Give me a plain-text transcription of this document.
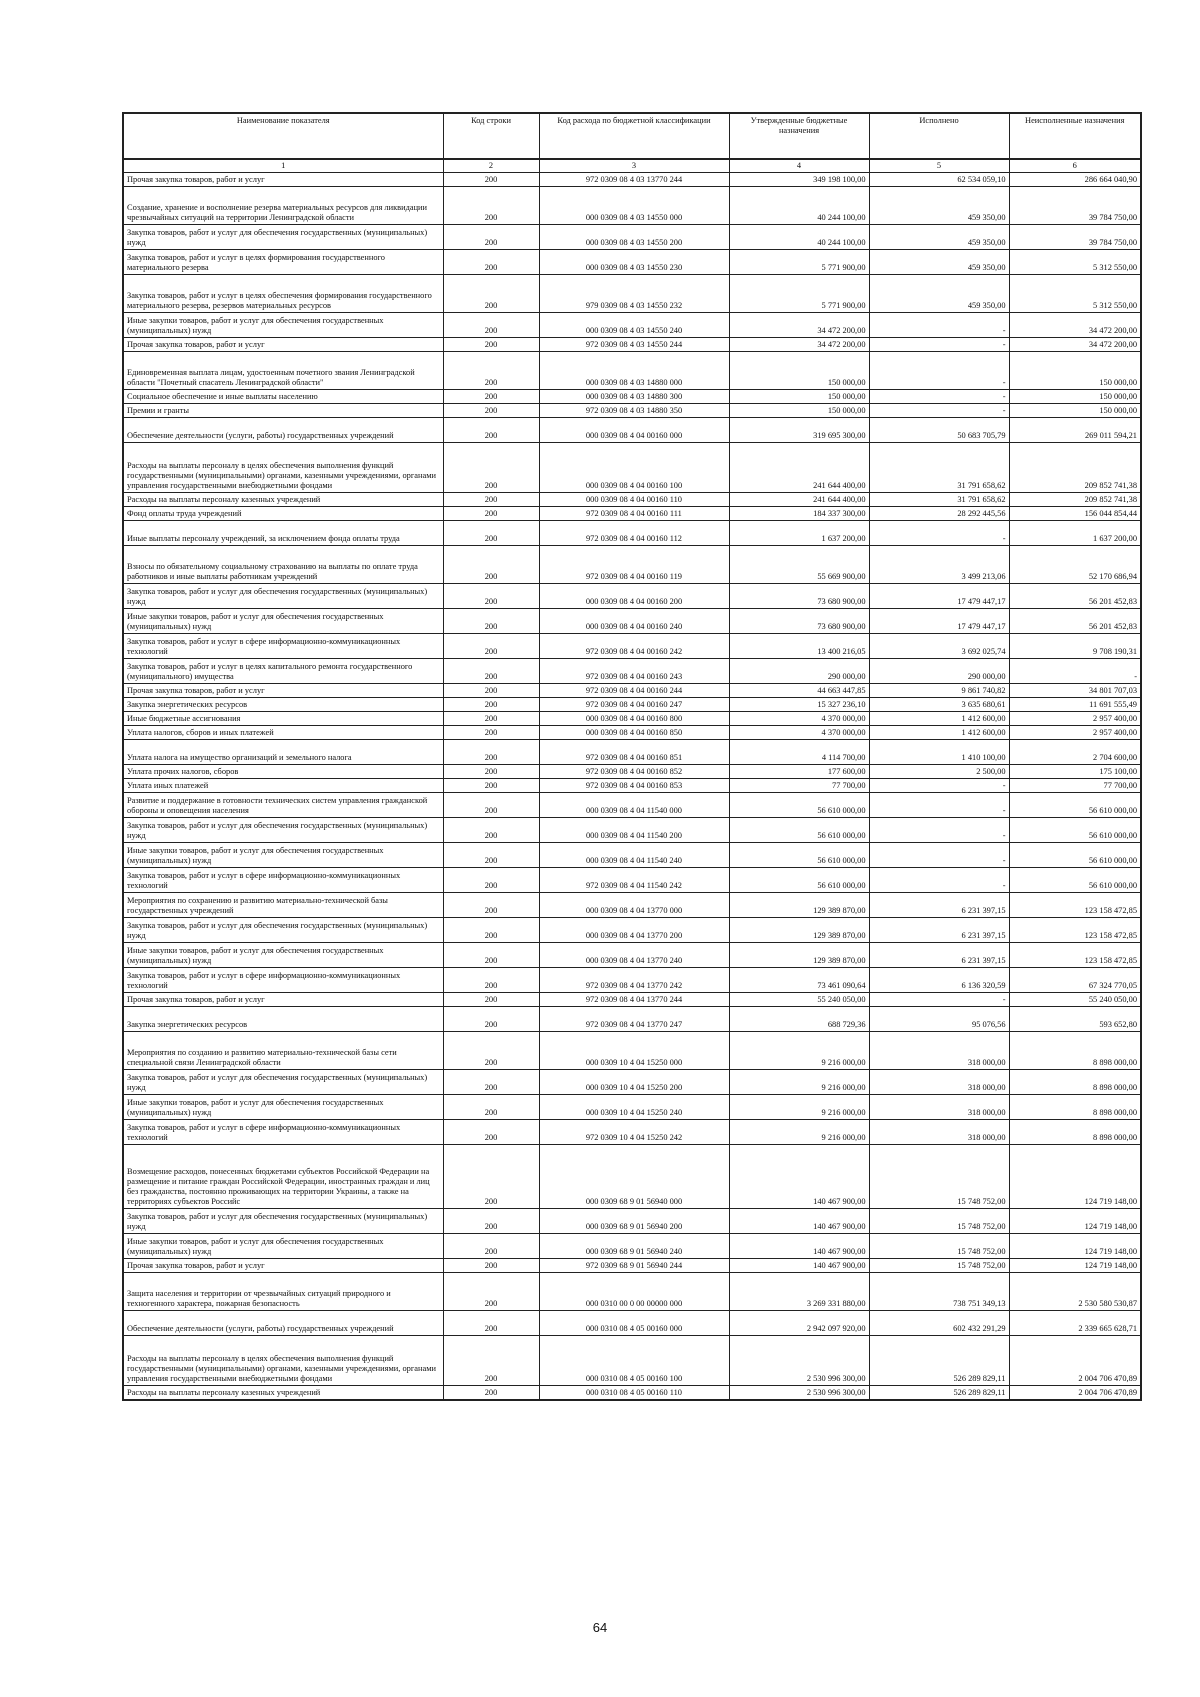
Наименование показателя	Код строки	Код расхода по бюджетной классификации	Утвержденные бюджетные назначения	Исполнено	Неисполненные назначения
1	2	3	4	5	6
Прочая закупка товаров, работ и услуг	200	972 0309 08 4 03 13770 244	349 198 100,00	62 534 059,10	286 664 040,90
Создание, хранение и восполнение резерва материальных ресурсов для ликвидации чрезвычайных ситуаций на территории Ленинградской области	200	000 0309 08 4 03 14550 000	40 244 100,00	459 350,00	39 784 750,00
Закупка товаров, работ и услуг для обеспечения государственных (муниципальных) нужд	200	000 0309 08 4 03 14550 200	40 244 100,00	459 350,00	39 784 750,00
Закупка товаров, работ и услуг в целях формирования государственного материального резерва	200	000 0309 08 4 03 14550 230	5 771 900,00	459 350,00	5 312 550,00
Закупка товаров, работ и услуг в целях обеспечения формирования государственного материального резерва, резервов материальных ресурсов	200	979 0309 08 4 03 14550 232	5 771 900,00	459 350,00	5 312 550,00
Иные закупки товаров, работ и услуг для обеспечения государственных (муниципальных) нужд	200	000 0309 08 4 03 14550 240	34 472 200,00	-	34 472 200,00
Прочая закупка товаров, работ и услуг	200	972 0309 08 4 03 14550 244	34 472 200,00	-	34 472 200,00
Единовременная выплата лицам, удостоенным почетного звания Ленинградской области "Почетный спасатель Ленинградской области"	200	000 0309 08 4 03 14880 000	150 000,00	-	150 000,00
Социальное обеспечение и иные выплаты населению	200	000 0309 08 4 03 14880 300	150 000,00	-	150 000,00
Премии и гранты	200	972 0309 08 4 03 14880 350	150 000,00	-	150 000,00
Обеспечение деятельности (услуги, работы) государственных учреждений	200	000 0309 08 4 04 00160 000	319 695 300,00	50 683 705,79	269 011 594,21
Расходы на выплаты персоналу в целях обеспечения выполнения функций государственными (муниципальными) органами, казенными учреждениями, органами управления государственными внебюджетными фондами	200	000 0309 08 4 04 00160 100	241 644 400,00	31 791 658,62	209 852 741,38
Расходы на выплаты персоналу казенных учреждений	200	000 0309 08 4 04 00160 110	241 644 400,00	31 791 658,62	209 852 741,38
Фонд оплаты труда учреждений	200	972 0309 08 4 04 00160 111	184 337 300,00	28 292 445,56	156 044 854,44
Иные выплаты персоналу учреждений, за исключением фонда оплаты труда	200	972 0309 08 4 04 00160 112	1 637 200,00	-	1 637 200,00
Взносы по обязательному социальному страхованию на выплаты по оплате труда работников и иные выплаты работникам учреждений	200	972 0309 08 4 04 00160 119	55 669 900,00	3 499 213,06	52 170 686,94
Закупка товаров, работ и услуг для обеспечения государственных (муниципальных) нужд	200	000 0309 08 4 04 00160 200	73 680 900,00	17 479 447,17	56 201 452,83
Иные закупки товаров, работ и услуг для обеспечения государственных (муниципальных) нужд	200	000 0309 08 4 04 00160 240	73 680 900,00	17 479 447,17	56 201 452,83
Закупка товаров, работ и услуг в сфере информационно-коммуникационных технологий	200	972 0309 08 4 04 00160 242	13 400 216,05	3 692 025,74	9 708 190,31
Закупка товаров, работ и услуг в целях капитального ремонта государственного (муниципального) имущества	200	972 0309 08 4 04 00160 243	290 000,00	290 000,00	-
Прочая закупка товаров, работ и услуг	200	972 0309 08 4 04 00160 244	44 663 447,85	9 861 740,82	34 801 707,03
Закупка энергетических ресурсов	200	972 0309 08 4 04 00160 247	15 327 236,10	3 635 680,61	11 691 555,49
Иные бюджетные ассигнования	200	000 0309 08 4 04 00160 800	4 370 000,00	1 412 600,00	2 957 400,00
Уплата налогов, сборов и иных платежей	200	000 0309 08 4 04 00160 850	4 370 000,00	1 412 600,00	2 957 400,00
Уплата налога на имущество организаций и земельного налога	200	972 0309 08 4 04 00160 851	4 114 700,00	1 410 100,00	2 704 600,00
Уплата прочих налогов, сборов	200	972 0309 08 4 04 00160 852	177 600,00	2 500,00	175 100,00
Уплата иных платежей	200	972 0309 08 4 04 00160 853	77 700,00	-	77 700,00
Развитие и поддержание в готовности технических систем управления гражданской обороны и оповещения населения	200	000 0309 08 4 04 11540 000	56 610 000,00	-	56 610 000,00
Закупка товаров, работ и услуг для обеспечения государственных (муниципальных) нужд	200	000 0309 08 4 04 11540 200	56 610 000,00	-	56 610 000,00
Иные закупки товаров, работ и услуг для обеспечения государственных (муниципальных) нужд	200	000 0309 08 4 04 11540 240	56 610 000,00	-	56 610 000,00
Закупка товаров, работ и услуг в сфере информационно-коммуникационных технологий	200	972 0309 08 4 04 11540 242	56 610 000,00	-	56 610 000,00
Мероприятия по сохранению и развитию материально-технической базы государственных учреждений	200	000 0309 08 4 04 13770 000	129 389 870,00	6 231 397,15	123 158 472,85
Закупка товаров, работ и услуг для обеспечения государственных (муниципальных) нужд	200	000 0309 08 4 04 13770 200	129 389 870,00	6 231 397,15	123 158 472,85
Иные закупки товаров, работ и услуг для обеспечения государственных (муниципальных) нужд	200	000 0309 08 4 04 13770 240	129 389 870,00	6 231 397,15	123 158 472,85
Закупка товаров, работ и услуг в сфере информационно-коммуникационных технологий	200	972 0309 08 4 04 13770 242	73 461 090,64	6 136 320,59	67 324 770,05
Прочая закупка товаров, работ и услуг	200	972 0309 08 4 04 13770 244	55 240 050,00	-	55 240 050,00
Закупка энергетических ресурсов	200	972 0309 08 4 04 13770 247	688 729,36	95 076,56	593 652,80
Мероприятия по созданию и развитию материально-технической базы сети специальной связи Ленинградской области	200	000 0309 10 4 04 15250 000	9 216 000,00	318 000,00	8 898 000,00
Закупка товаров, работ и услуг для обеспечения государственных (муниципальных) нужд	200	000 0309 10 4 04 15250 200	9 216 000,00	318 000,00	8 898 000,00
Иные закупки товаров, работ и услуг для обеспечения государственных (муниципальных) нужд	200	000 0309 10 4 04 15250 240	9 216 000,00	318 000,00	8 898 000,00
Закупка товаров, работ и услуг в сфере информационно-коммуникационных технологий	200	972 0309 10 4 04 15250 242	9 216 000,00	318 000,00	8 898 000,00
Возмещение расходов, понесенных бюджетами субъектов Российской Федерации на размещение и питание граждан Российской Федерации, иностранных граждан и лиц без гражданства, постоянно проживающих на территории Украины, а также на территориях субъектов Российс	200	000 0309 68 9 01 56940 000	140 467 900,00	15 748 752,00	124 719 148,00
Закупка товаров, работ и услуг для обеспечения государственных (муниципальных) нужд	200	000 0309 68 9 01 56940 200	140 467 900,00	15 748 752,00	124 719 148,00
Иные закупки товаров, работ и услуг для обеспечения государственных (муниципальных) нужд	200	000 0309 68 9 01 56940 240	140 467 900,00	15 748 752,00	124 719 148,00
Прочая закупка товаров, работ и услуг	200	972 0309 68 9 01 56940 244	140 467 900,00	15 748 752,00	124 719 148,00
Защита населения и территории от чрезвычайных ситуаций природного и техногенного характера, пожарная безопасность	200	000 0310 00 0 00 00000 000	3 269 331 880,00	738 751 349,13	2 530 580 530,87
Обеспечение деятельности (услуги, работы) государственных учреждений	200	000 0310 08 4 05 00160 000	2 942 097 920,00	602 432 291,29	2 339 665 628,71
Расходы на выплаты персоналу в целях обеспечения выполнения функций государственными (муниципальными) органами, казенными учреждениями, органами управления государственными внебюджетными фондами	200	000 0310 08 4 05 00160 100	2 530 996 300,00	526 289 829,11	2 004 706 470,89
Расходы на выплаты персоналу казенных учреждений	200	000 0310 08 4 05 00160 110	2 530 996 300,00	526 289 829,11	2 004 706 470,89
64
